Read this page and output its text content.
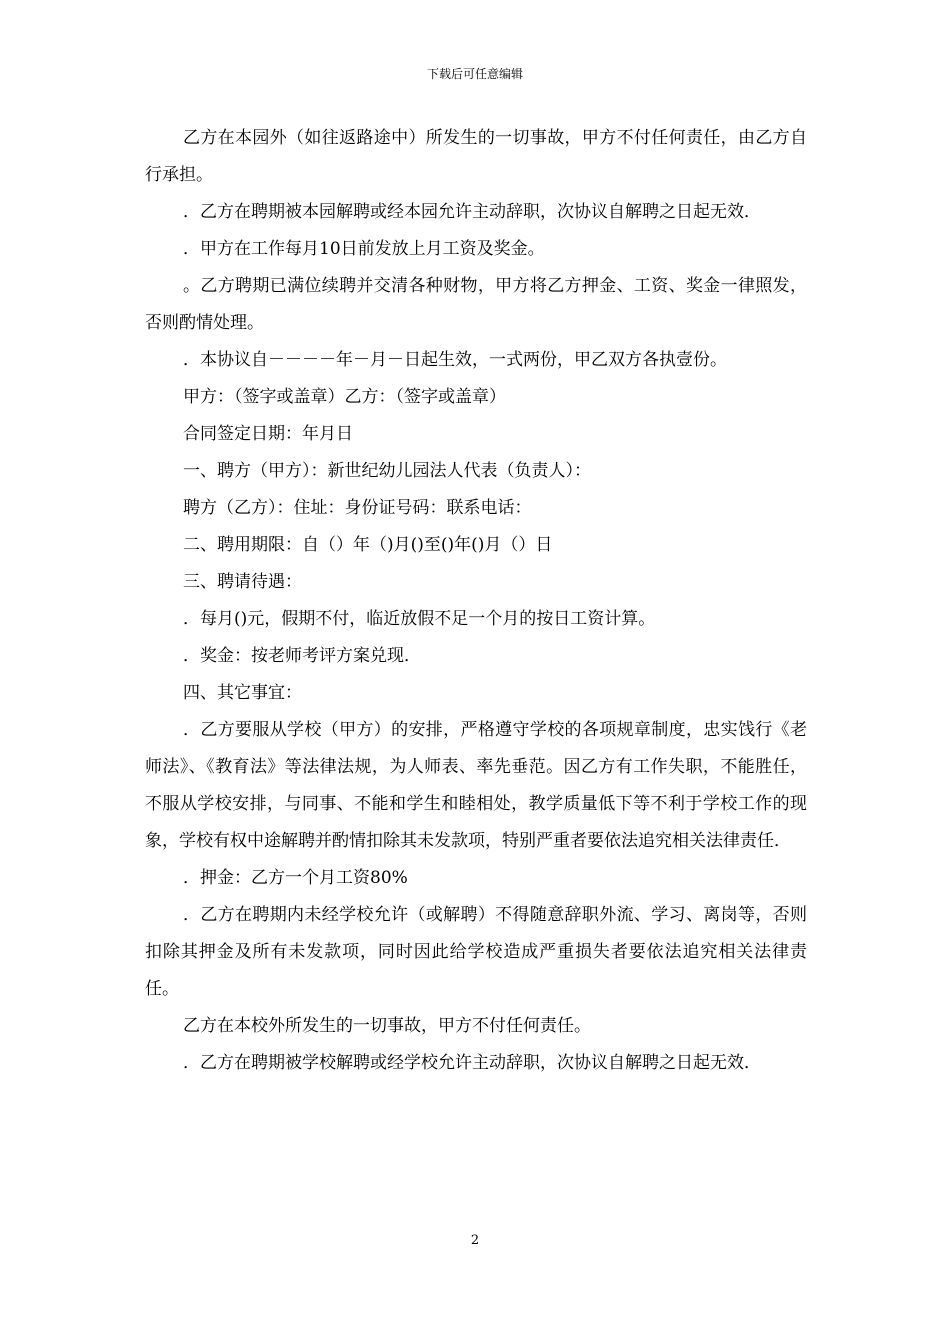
下载后可任意编辑

乙方在本园外（如往返路途中）所发生的一切事故，甲方不付任何责任，由乙方自行承担。

．乙方在聘期被本园解聘或经本园允许主动辞职，次协议自解聘之日起无效．

．甲方在工作每月10日前发放上月工资及奖金。

。乙方聘期已满位续聘并交清各种财物，甲方将乙方押金、工资、奖金一律照发，否则酌情处理。

．本协议自－－－－年－月－日起生效，一式两份，甲乙双方各执壹份。

甲方：（签字或盖章）乙方：（签字或盖章）

合同签定日期：年月日

一、聘方（甲方）：新世纪幼儿园法人代表（负责人）：

聘方（乙方）：住址：身份证号码：联系电话：

二、聘用期限：自（）年（)月()至()年()月（）日

三、聘请待遇：

．每月()元，假期不付，临近放假不足一个月的按日工资计算。

．奖金：按老师考评方案兑现．

四、其它事宜：

．乙方要服从学校（甲方）的安排，严格遵守学校的各项规章制度，忠实饯行《老师法》、《教育法》等法律法规，为人师表、率先垂范。因乙方有工作失职，不能胜任，不服从学校安排，与同事、不能和学生和睦相处，教学质量低下等不利于学校工作的现象，学校有权中途解聘并酌情扣除其未发款项，特别严重者要依法追究相关法律责任．

．押金：乙方一个月工资80%

．乙方在聘期内未经学校允许（或解聘）不得随意辞职外流、学习、离岗等，否则扣除其押金及所有未发款项，同时因此给学校造成严重损失者要依法追究相关法律责任。

乙方在本校外所发生的一切事故，甲方不付任何责任。

．乙方在聘期被学校解聘或经学校允许主动辞职，次协议自解聘之日起无效．

2
